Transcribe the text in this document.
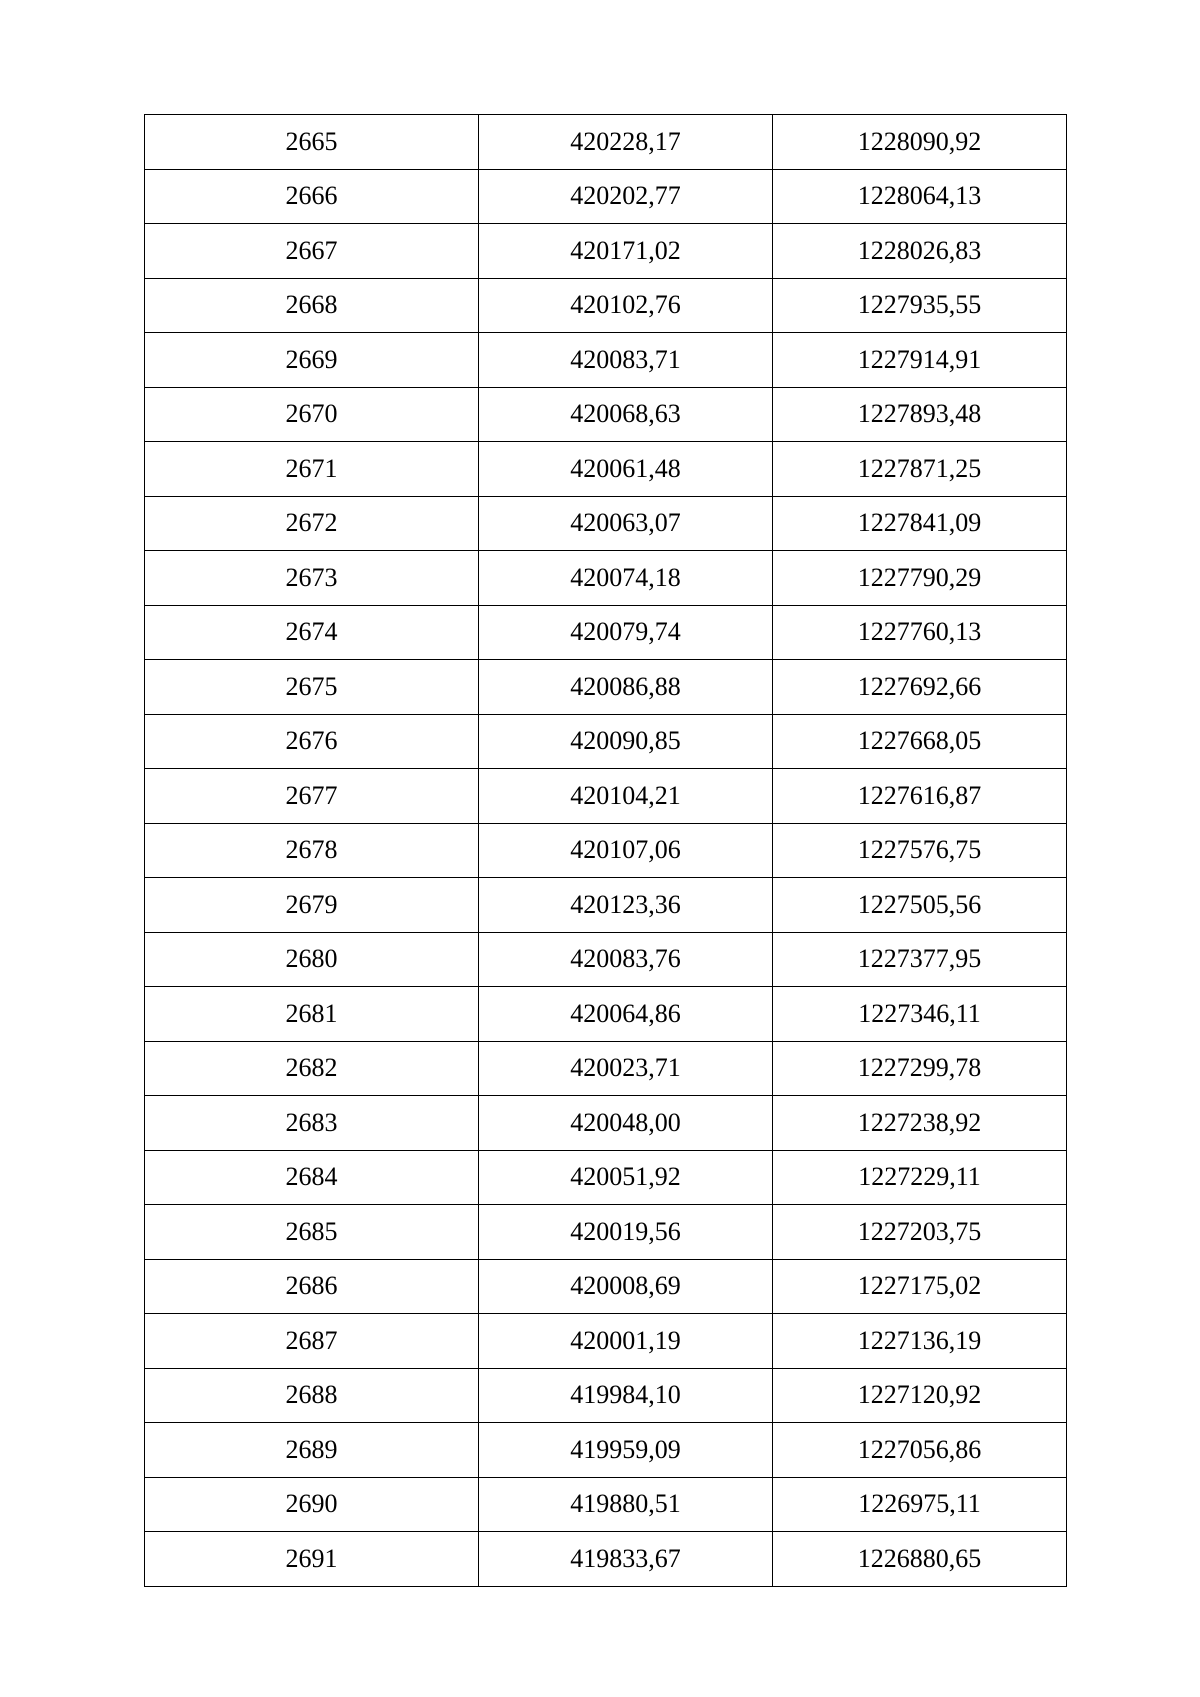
2665	420228,17	1228090,92
2666	420202,77	1228064,13
2667	420171,02	1228026,83
2668	420102,76	1227935,55
2669	420083,71	1227914,91
2670	420068,63	1227893,48
2671	420061,48	1227871,25
2672	420063,07	1227841,09
2673	420074,18	1227790,29
2674	420079,74	1227760,13
2675	420086,88	1227692,66
2676	420090,85	1227668,05
2677	420104,21	1227616,87
2678	420107,06	1227576,75
2679	420123,36	1227505,56
2680	420083,76	1227377,95
2681	420064,86	1227346,11
2682	420023,71	1227299,78
2683	420048,00	1227238,92
2684	420051,92	1227229,11
2685	420019,56	1227203,75
2686	420008,69	1227175,02
2687	420001,19	1227136,19
2688	419984,10	1227120,92
2689	419959,09	1227056,86
2690	419880,51	1226975,11
2691	419833,67	1226880,65
